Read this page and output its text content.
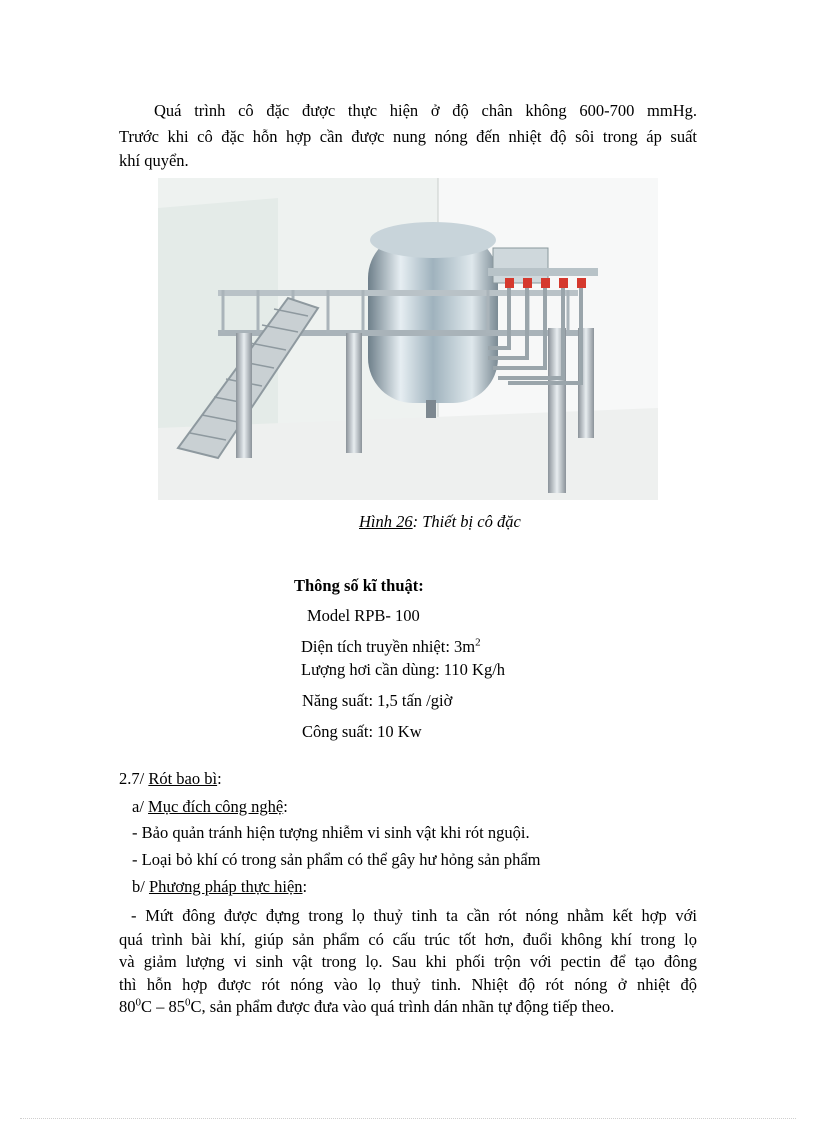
Quá trình cô đặc được thực hiện ở độ chân không 600-700 mmHg.
Trước khi cô đặc hỗn hợp cần được nung nóng đến nhiệt độ sôi trong áp suất
khí quyển.
Hình 26: Thiết bị cô đặc
Thông số kĩ thuật:
Model RPB- 100
Diện tích truyền nhiệt: $3m^2$
Lượng hơi cần dùng: 110 Kg/h
Năng suất: 1,5 tấn /giờ
Công suất: 10 Kw
2.7/ Rót bao bì:
a/ Mục đích công nghệ:
- Bảo quản tránh hiện tượng nhiễm vi sinh vật khi rót nguội.
- Loại bỏ khí có trong sản phẩm có thể gây hư hỏng sản phẩm
b/ Phương pháp thực hiện:
- Mứt đông được đựng trong lọ thuỷ tinh ta cần rót nóng nhằm kết hợp với
quá trình bài khí, giúp sản phẩm có cấu trúc tốt hơn, đuổi không khí trong lọ
và giảm lượng vi sinh vật trong lọ. Sau khi phối trộn với pectin để tạo đông
thì hỗn hợp được rót nóng vào lọ thuỷ tinh. Nhiệt độ rót nóng ở nhiệt độ
$80^0C - 85^0C$, sản phẩm được đưa vào quá trình dán nhãn tự động tiếp theo.
